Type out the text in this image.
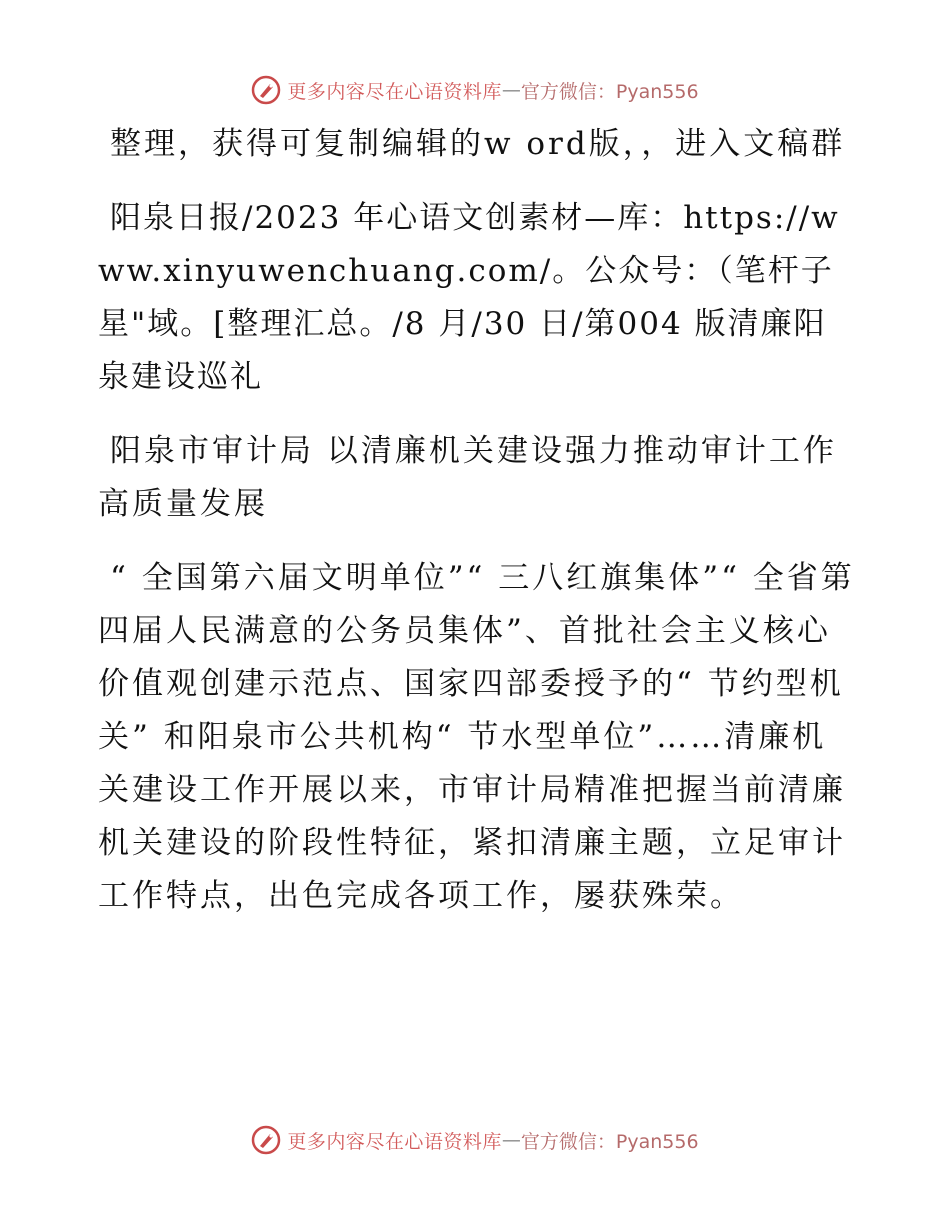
更多内容尽在心语资料库 — 官方微信：Pyan556

整理，获得可复制编辑的w ord版，，进入文稿群

阳泉日报/2023 年心语文创素材—库：https://www.xinyuwenchuang.com/。公众号：（笔杆子星"域。[整理汇总。/8 月/30 日/第004 版清廉阳泉建设巡礼

阳泉市审计局 以清廉机关建设强力推动审计工作高质量发展

“ 全国第六届文明单位”“ 三八红旗集体”“ 全省第四届人民满意的公务员集体”、首批社会主义核心价值观创建示范点、国家四部委授予的“ 节约型机关” 和阳泉市公共机构“ 节水型单位”……清廉机关建设工作开展以来，市审计局精准把握当前清廉机关建设的阶段性特征，紧扣清廉主题，立足审计工作特点，出色完成各项工作，屡获殊荣。

更多内容尽在心语资料库 — 官方微信：Pyan556
